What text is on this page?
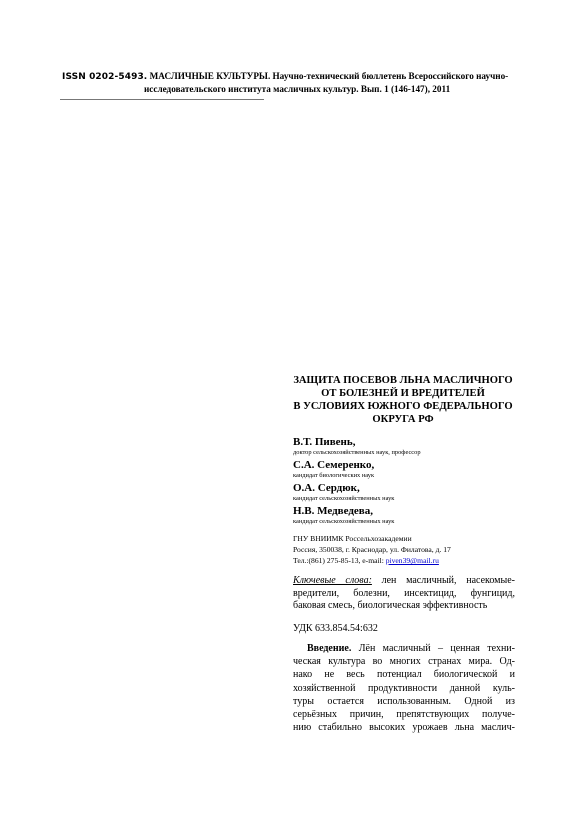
ISSN 0202-5493. МАСЛИЧНЫЕ КУЛЬТУРЫ. Научно-технический бюллетень Всероссийского научно-
исследовательского института масличных культур. Вып. 1 (146-147), 2011
ЗАЩИТА ПОСЕВОВ ЛЬНА МАСЛИЧНОГО
ОТ БОЛЕЗНЕЙ И ВРЕДИТЕЛЕЙ
В УСЛОВИЯХ ЮЖНОГО ФЕДЕРАЛЬНОГО
ОКРУГА РФ
В.Т. Пивень,
доктор сельскохозяйственных наук, профессор
С.А. Семеренко,
кандидат биологических наук
О.А. Сердюк,
кандидат сельскохозяйственных наук
Н.В. Медведева,
кандидат сельскохозяйственных наук
ГНУ ВНИИМК Россельхозакадемии
Россия, 350038, г. Краснодар, ул. Филатова, д. 17
Тел.:(861) 275-85-13, e-mail: piven39@mail.ru
Ключевые слова: лен масличный, насекомые-вредители, болезни, инсектицид, фунгицид, баковая смесь, биологическая эффективность
УДК 633.854.54:632
Введение. Лён масличный – ценная техни-
ческая культура во многих странах мира. Од-
нако не весь потенциал биологической и
хозяйственной продуктивности данной куль-
туры остается использованным. Одной из
серьёзных причин, препятствующих получе-
нию стабильно высоких урожаев льна маслич-
